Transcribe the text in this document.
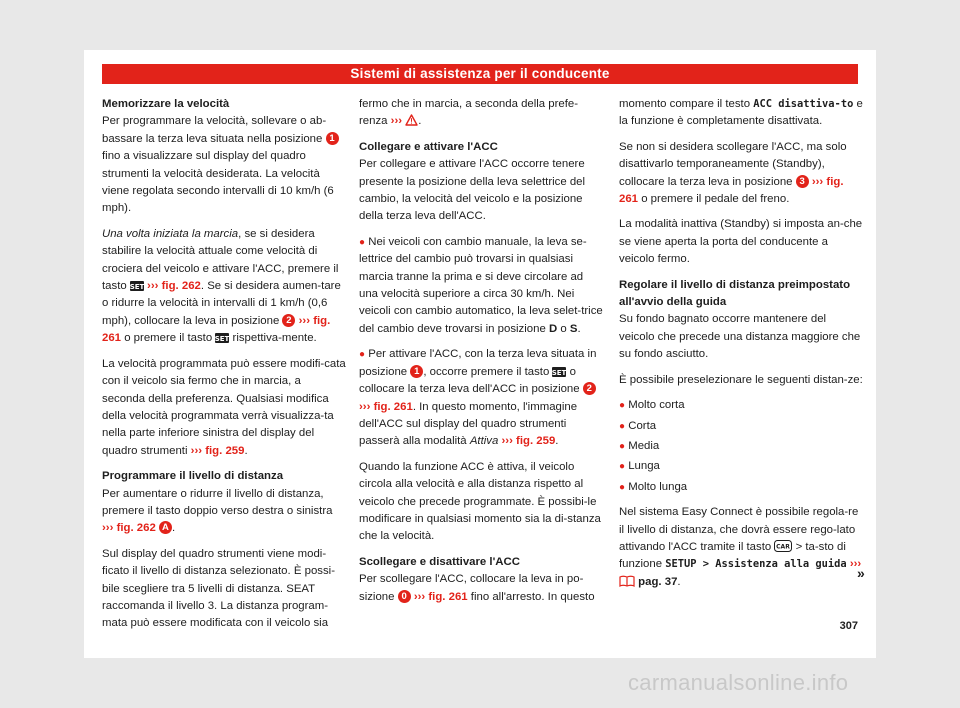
Sistemi di assistenza per il conducente

Memorizzare la velocità

Per programmare la velocità, sollevare o ab-bassare la terza leva situata nella posizione 1 fino a visualizzare sul display del quadro strumenti la velocità desiderata. La velocità viene regolata secondo intervalli di 10 km/h (6 mph).

Una volta iniziata la marcia, se si desidera stabilire la velocità attuale come velocità di crociera del veicolo e attivare l'ACC, premere il tasto SET ››› fig. 262. Se si desidera aumen-tare o ridurre la velocità in intervalli di 1 km/h (0,6 mph), collocare la leva in posizione 2 ››› fig. 261 o premere il tasto SET rispettiva-mente.

La velocità programmata può essere modifi-cata con il veicolo sia fermo che in marcia, a seconda della preferenza. Qualsiasi modifica della velocità programmata verrà visualizza-ta nella parte inferiore sinistra del display del quadro strumenti ››› fig. 259.

Programmare il livello di distanza

Per aumentare o ridurre il livello di distanza, premere il tasto doppio verso destra o sinistra ››› fig. 262 A .

Sul display del quadro strumenti viene modi-ficato il livello di distanza selezionato. È possi-bile scegliere tra 5 livelli di distanza. SEAT raccomanda il livello 3. La distanza program-mata può essere modificata con il veicolo sia

fermo che in marcia, a seconda della prefe-renza ››› .

Collegare e attivare l'ACC

Per collegare e attivare l'ACC occorre tenere presente la posizione della leva selettrice del cambio, la velocità del veicolo e la posizione della terza leva dell'ACC.

● Nei veicoli con cambio manuale, la leva se-lettrice del cambio può trovarsi in qualsiasi marcia tranne la prima e si deve circolare ad una velocità superiore a circa 30 km/h. Nei veicoli con cambio automatico, la leva selet-trice del cambio deve trovarsi in posizione D o S.

● Per attivare l'ACC, con la terza leva situata in posizione 1 , occorre premere il tasto SET o collocare la terza leva dell'ACC in posizione 2 ››› fig. 261. In questo momento, l'immagine dell'ACC sul display del quadro strumenti passerà alla modalità Attiva ››› fig. 259.

Quando la funzione ACC è attiva, il veicolo circola alla velocità e alla distanza rispetto al veicolo che precede programmate. È possibi-le modificare in qualsiasi momento sia la di-stanza che la velocità.

Scollegare e disattivare l'ACC

Per scollegare l'ACC, collocare la leva in po-sizione 0 ››› fig. 261 fino all'arresto. In questo

momento compare il testo ACC disattiva-to e la funzione è completamente disattivata.

Se non si desidera scollegare l'ACC, ma solo disattivarlo temporaneamente (Standby), collocare la terza leva in posizione 3 ››› fig. 261 o premere il pedale del freno.

La modalità inattiva (Standby) si imposta an-che se viene aperta la porta del conducente a veicolo fermo.

Regolare il livello di distanza preimpostato all'avvio della guida

Su fondo bagnato occorre mantenere del veicolo che precede una distanza maggiore che su fondo asciutto.

È possibile preselezionare le seguenti distan-ze:

● Molto corta
● Corta
● Media
● Lunga
● Molto lunga

Nel sistema Easy Connect è possibile regola-re il livello di distanza, che dovrà essere rego-lato attivando l'ACC tramite il tasto CAR > ta-sto di funzione SETUP > Assistenza alla guida ›››  pag. 37.

»
307
carmanualsonline.info
